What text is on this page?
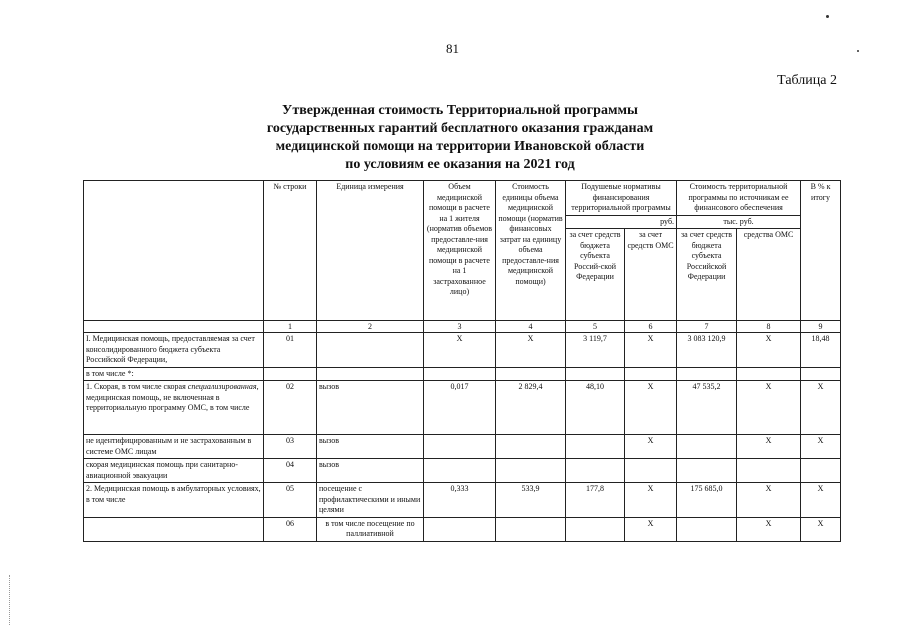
81
Таблица 2
Утвержденная стоимость Территориальной программы
государственных гарантий бесплатного оказания гражданам
медицинской помощи на территории Ивановской области
по условиям ее оказания на 2021 год
	№ строки	Единица измерения	Объем медицинской помощи в расчете на 1 жителя (норматив объемов предоставле-ния медицинской помощи в расчете на 1 застрахованное лицо)	Стоимость единицы объема медицинской помощи (норматив финансовых затрат на единицу объема предоставле-ния медицинской помощи)	Подушевые нормативы финансирования территориальной программы		Стоимость территориальной программы по источникам ее финансового обеспечения		В % к итогу
					руб.		тыс. руб.		
					за счет средств бюджета субъекта Россий-ской Федерации	за счет средств ОМС	за счет средств бюджета субъекта Российской Федерации	средства ОМС	
	1	2	3	4	5	6	7	8	9
I. Медицинская помощь, предоставляемая за счет консолидированного бюджета субъекта Российской Федерации,	01		X	X	3 119,7	X	3 083 120,9	X	18,48
в том числе *:									
1. Скорая, в том числе скорая специализированная, медицинская помощь, не включенная в территориальную программу ОМС, в том числе	02	вызов	0,017	2 829,4	48,10	X	47 535,2	X	X
не идентифицированным и не застрахованным в системе ОМС лицам	03	вызов				X		X	X
скорая медицинская помощь при санитарно-авиационной эвакуации	04	вызов							
2. Медицинская помощь в амбулаторных условиях, в том числе	05	посещение с профилактическими и иными целями	0,333	533,9	177,8	X	175 685,0	X	X
	06	в том числе посещение по паллиативной				X		X	X
